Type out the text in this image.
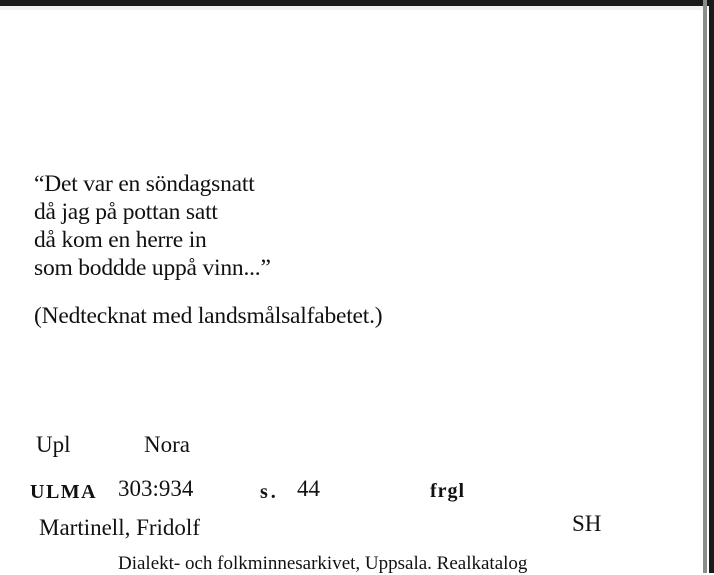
“Det var en söndagsnatt
då jag på pottan satt
då kom en herre in
som boddde uppå vinn...”
(Nedtecknat med landsmålsalfabetet.)
Upl	Nora
ULMA 303:934	s. 44	frgl
Martinell, Fridolf	SH
Dialekt- och folkminnesarkivet, Uppsala. Realkatalog
